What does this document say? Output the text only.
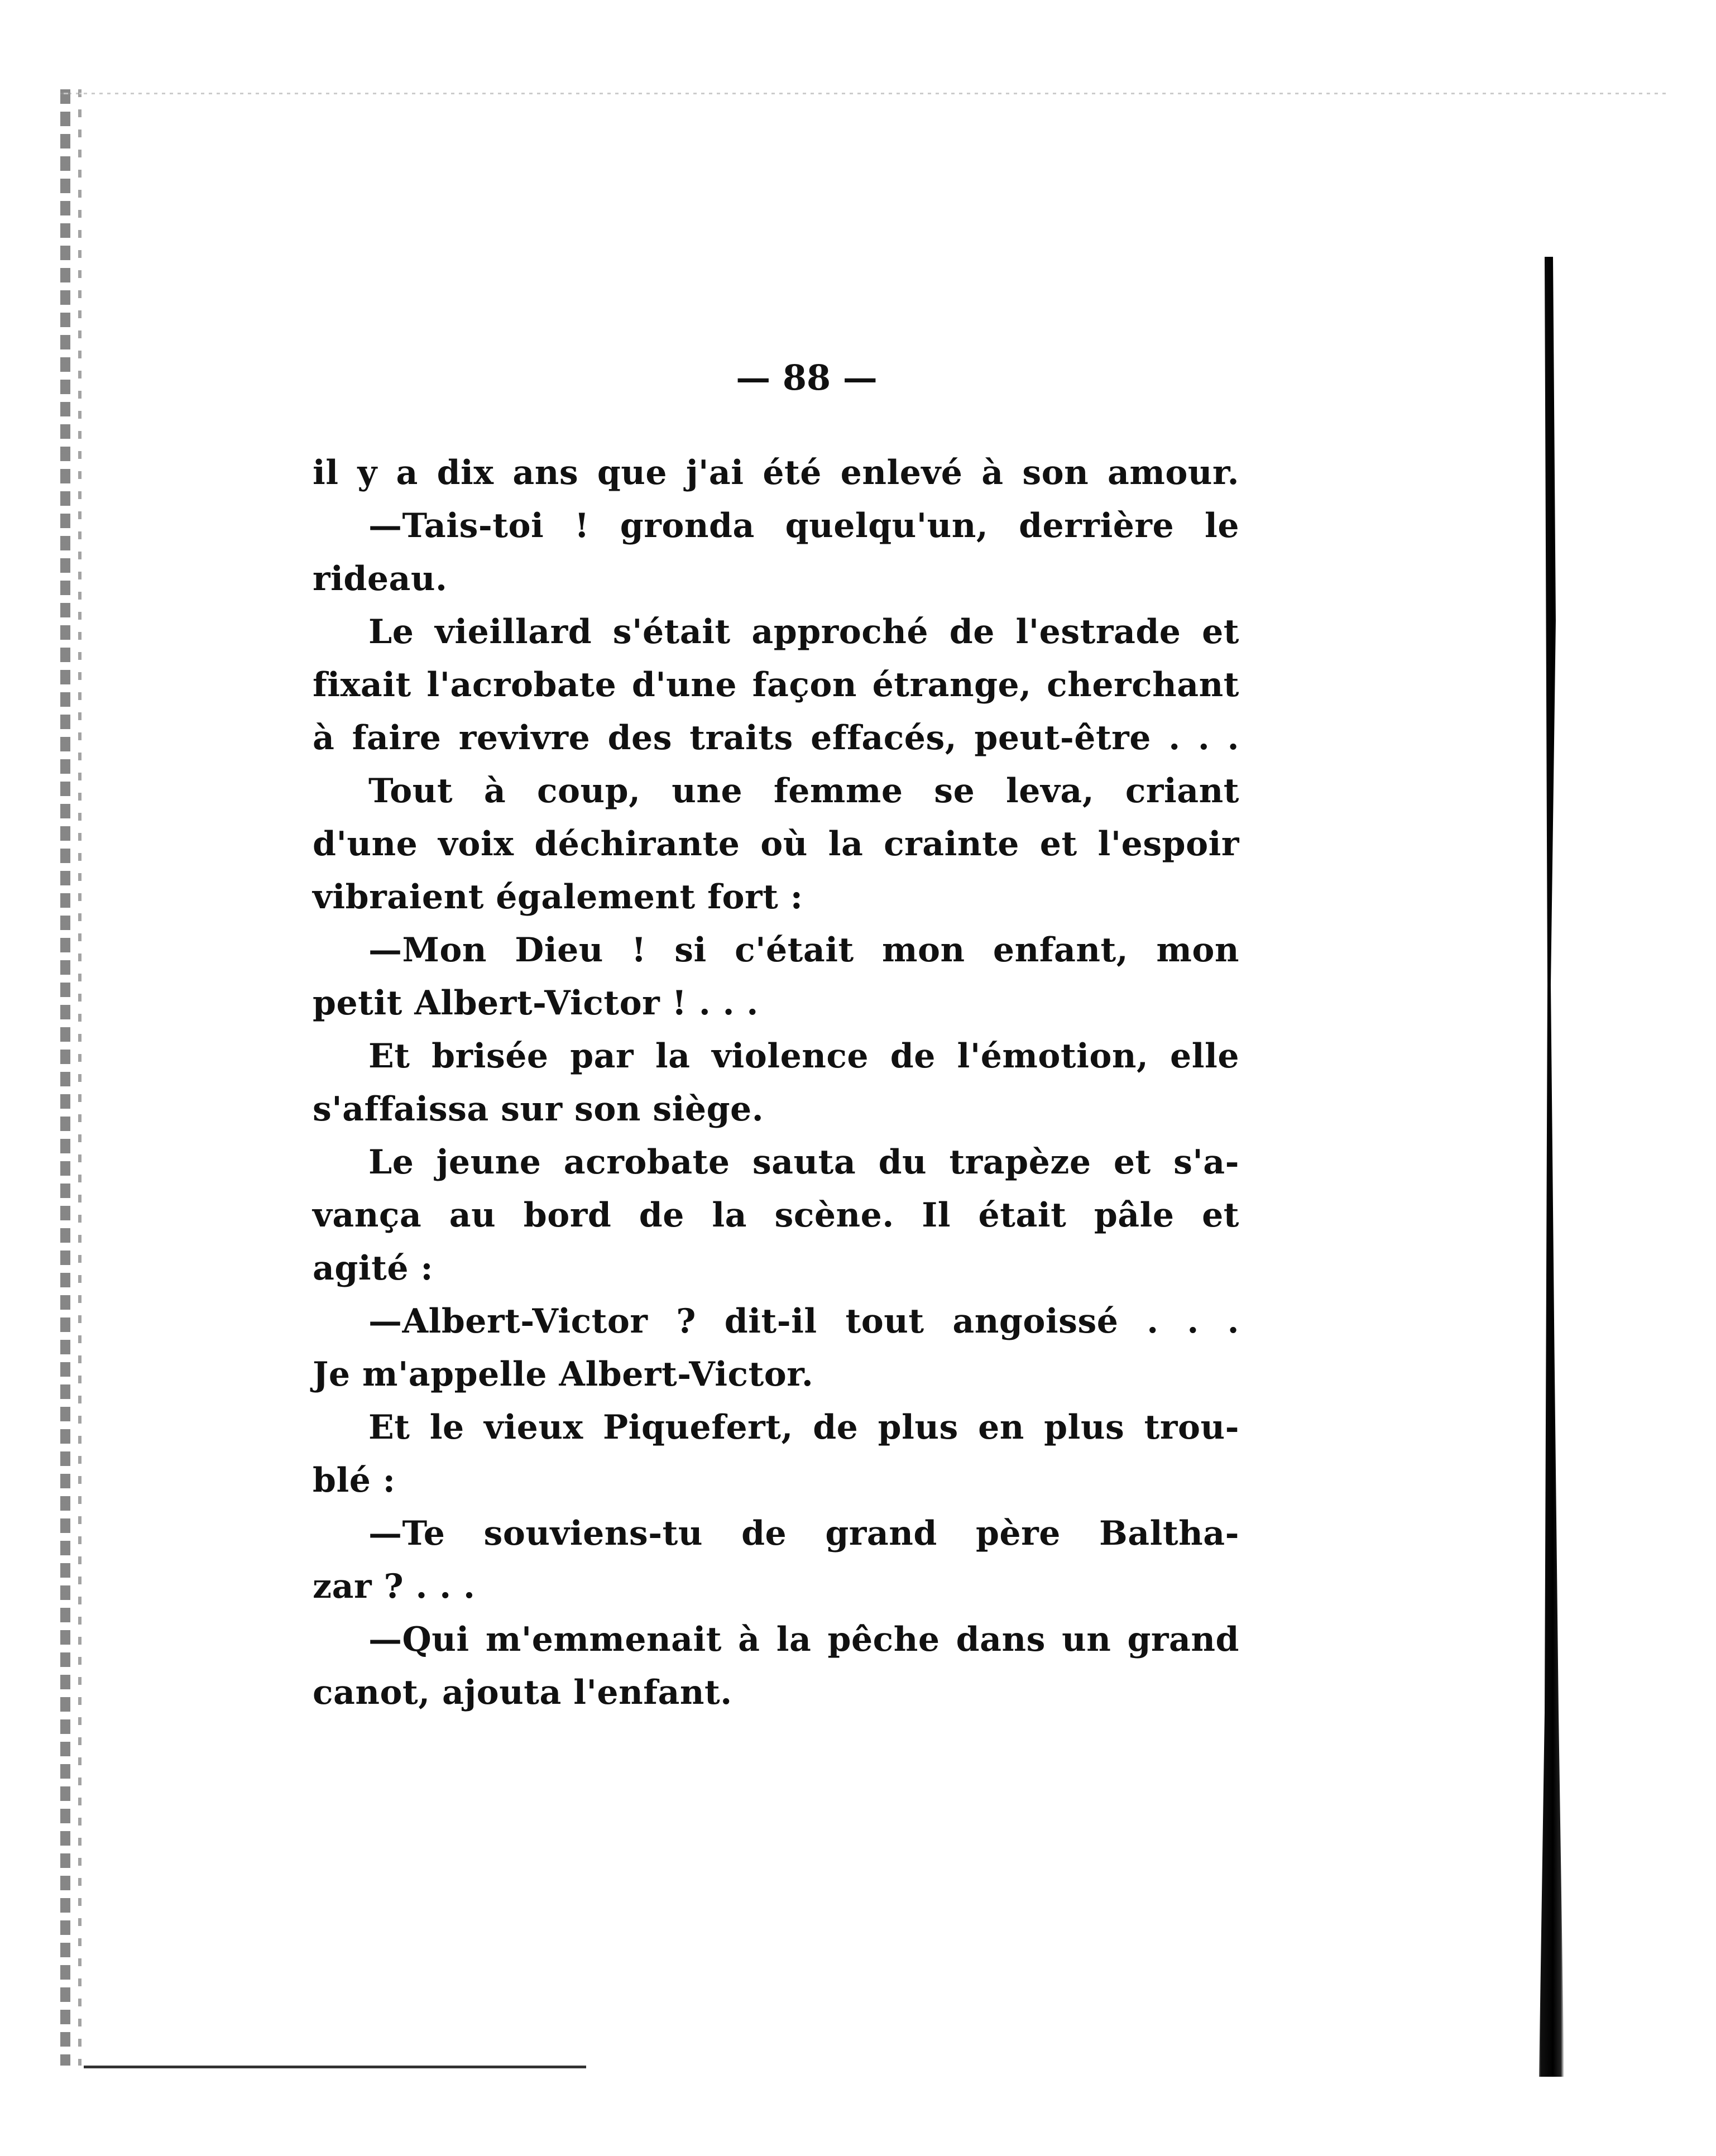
— 88 —
il y a dix ans que j'ai été enlevé à son amour.
—Tais-toi ! gronda quelqu'un, derrière le
rideau.
Le vieillard s'était approché de l'estrade et
fixait l'acrobate d'une façon étrange, cherchant
à faire revivre des traits effacés, peut-être . . .
Tout à coup, une femme se leva, criant
d'une voix déchirante où la crainte et l'espoir
vibraient également fort :
—Mon Dieu ! si c'était mon enfant, mon
petit Albert-Victor ! . . .
Et brisée par la violence de l'émotion, elle
s'affaissa sur son siège.
Le jeune acrobate sauta du trapèze et s'a-
vança au bord de la scène. Il était pâle et
agité :
—Albert-Victor ? dit-il tout angoissé . . .
Je m'appelle Albert-Victor.
Et le vieux Piquefert, de plus en plus trou-
blé :
—Te souviens-tu de grand père Baltha-
zar ? . . .
—Qui m'emmenait à la pêche dans un grand
canot, ajouta l'enfant.
